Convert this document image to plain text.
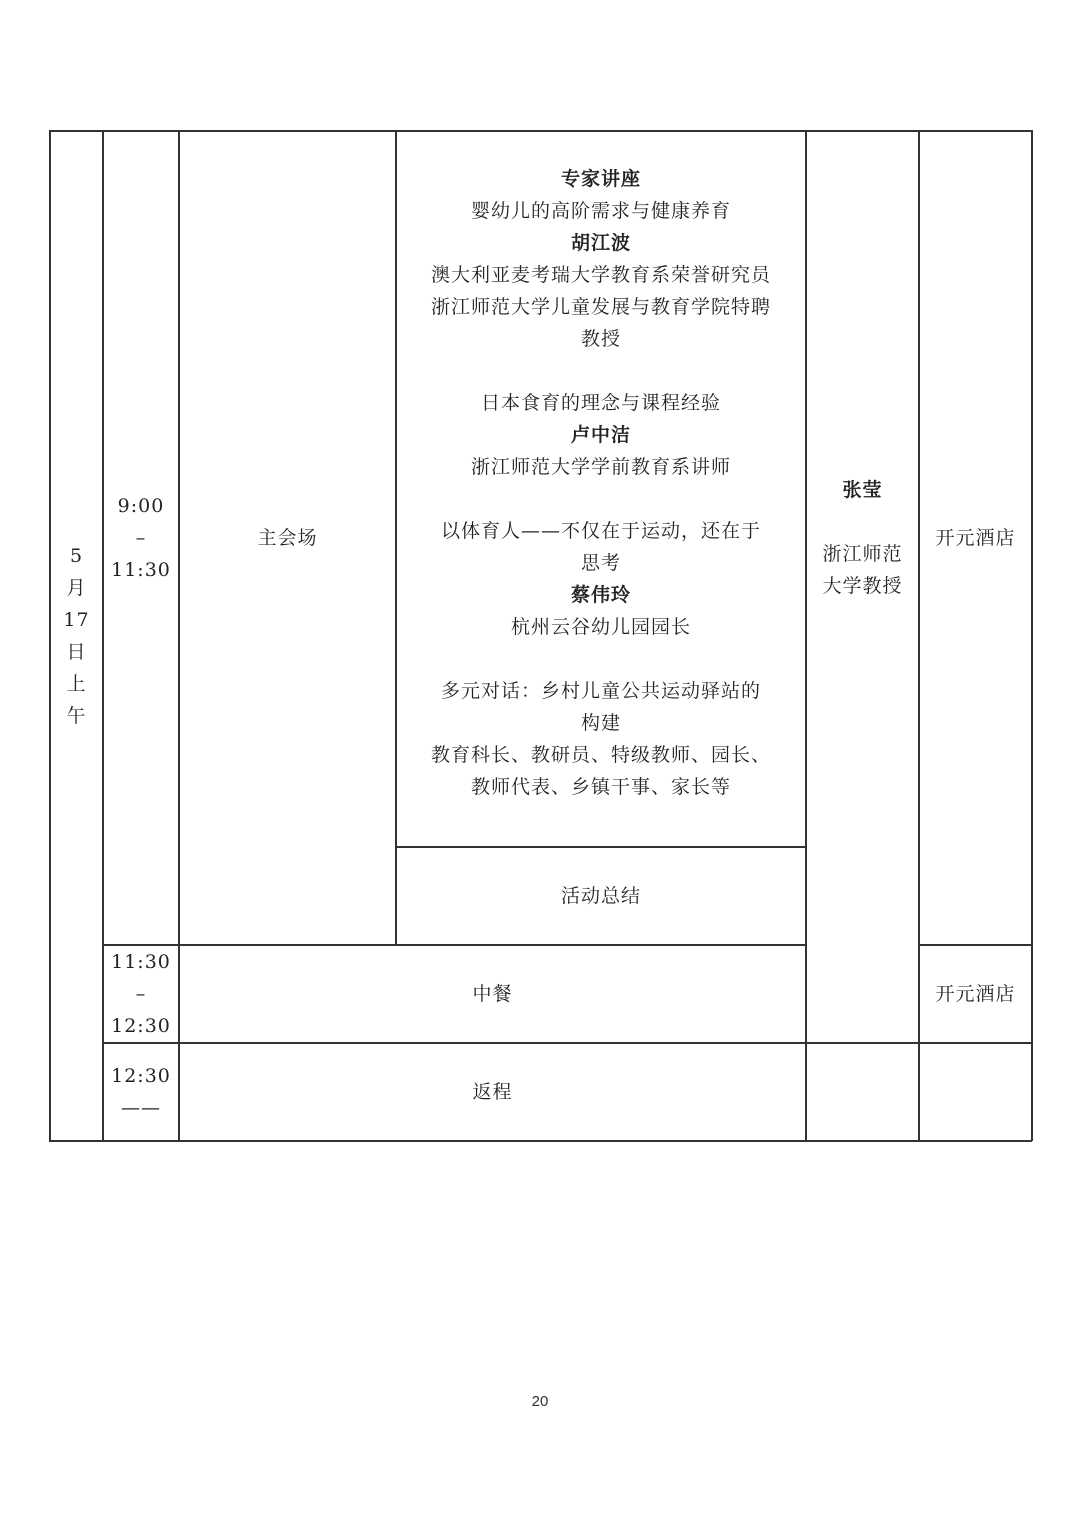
5
月
17
日
上
午
9:00
–
11:30
主会场
专家讲座
婴幼儿的高阶需求与健康养育
胡江波
澳大利亚麦考瑞大学教育系荣誉研究员
浙江师范大学儿童发展与教育学院特聘
教授
日本食育的理念与课程经验
卢中洁
浙江师范大学学前教育系讲师
以体育人——不仅在于运动，还在于
思考
蔡伟玲
杭州云谷幼儿园园长
多元对话：乡村儿童公共运动驿站的
构建
教育科长、教研员、特级教师、园长、
教师代表、乡镇干事、家长等
活动总结
张莹
浙江师范
大学教授
开元酒店
11:30
–
12:30
中餐	开元酒店
12:30
——
返程
20
